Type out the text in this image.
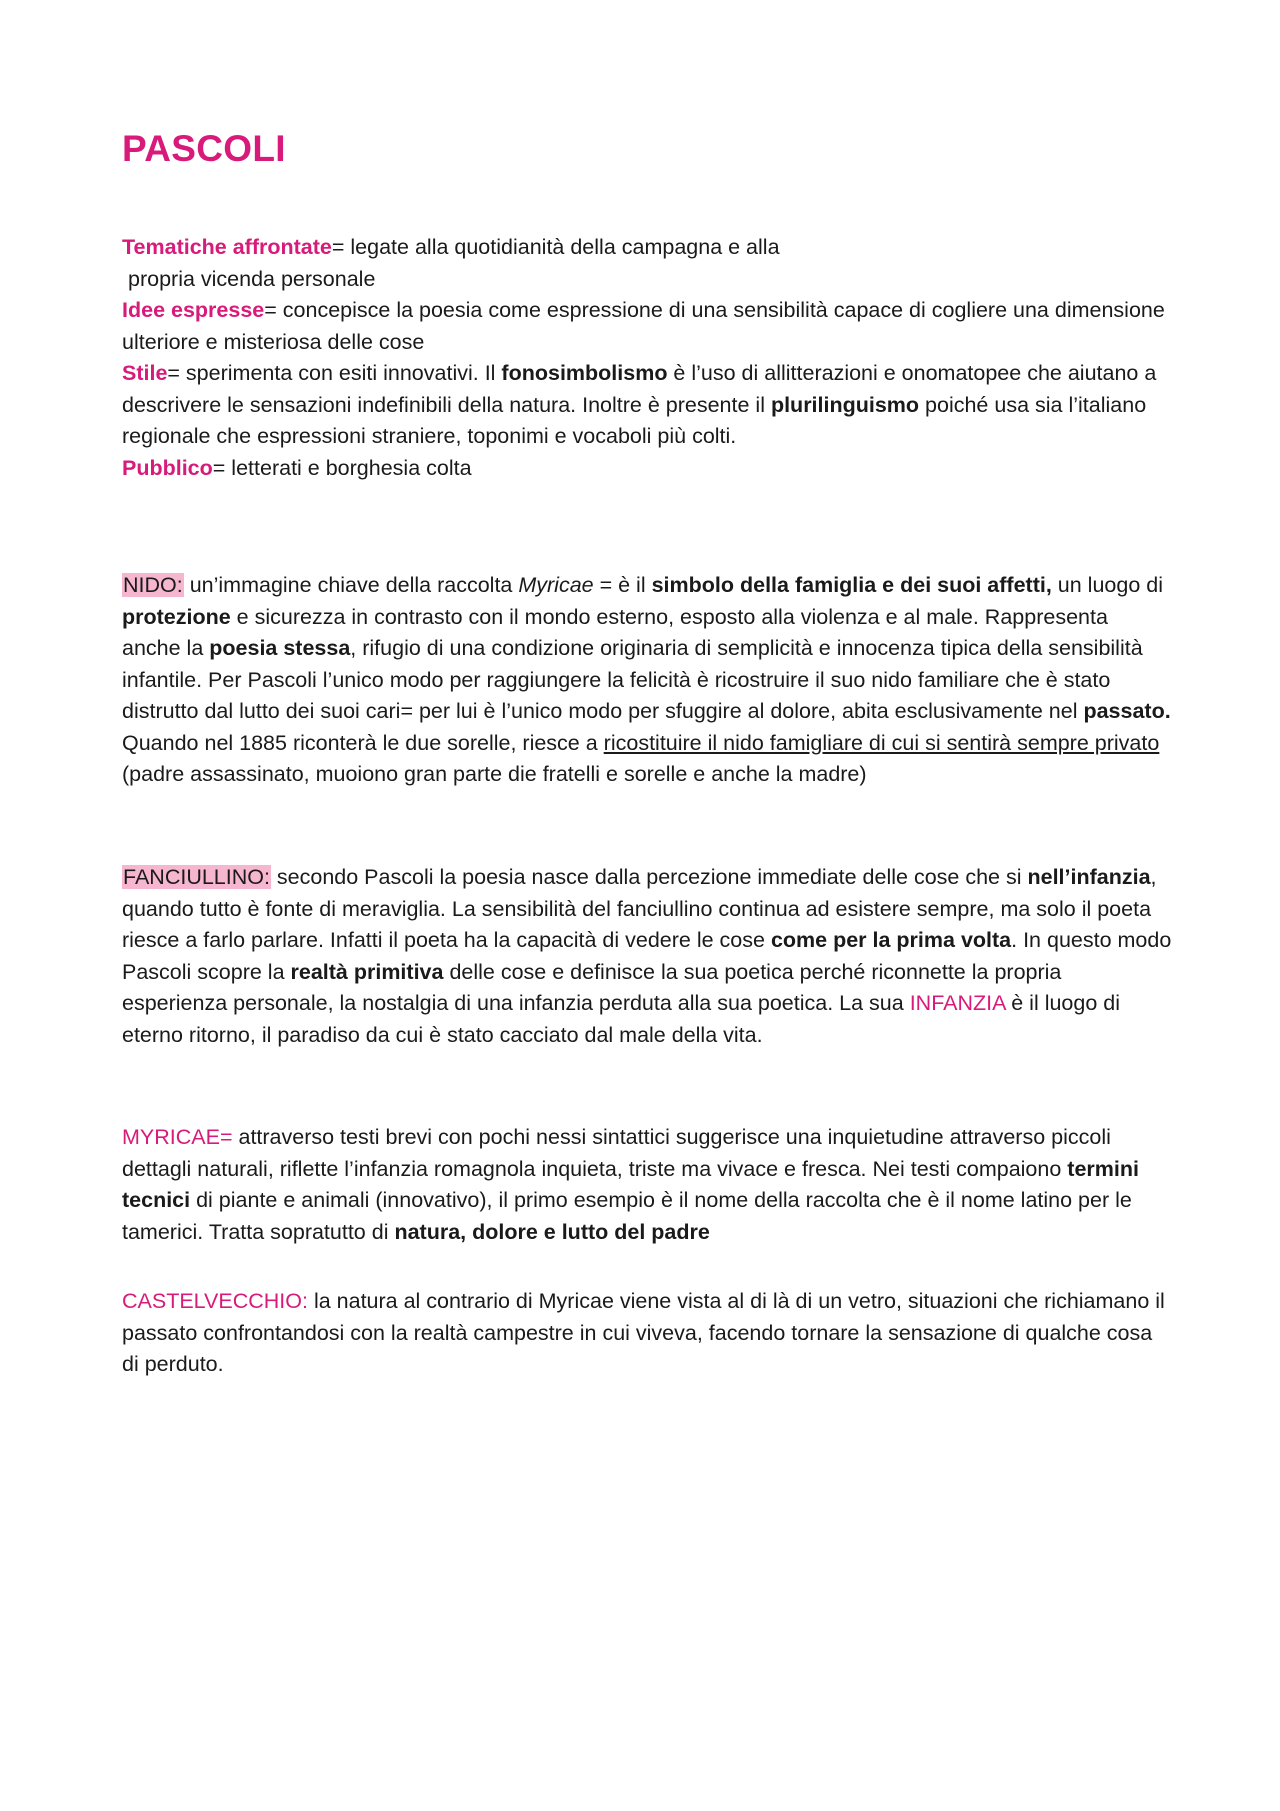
PASCOLI

Tematiche affrontate= legate alla quotidianità della campagna e alla

propria vicenda personale

Idee espresse= concepisce la poesia come espressione di una sensibilità capace di cogliere una dimensione ulteriore e misteriosa delle cose

Stile= sperimenta con esiti innovativi. Il fonosimbolismo è l’uso di allitterazioni e onomatopee che aiutano a descrivere le sensazioni indefinibili della natura. Inoltre è presente il plurilinguismo poiché usa sia l’italiano regionale che espressioni straniere, toponimi e vocaboli più colti.

Pubblico= letterati e borghesia colta

NIDO: un’immagine chiave della raccolta Myricae = è il simbolo della famiglia e dei suoi affetti, un luogo di protezione e sicurezza in contrasto con il mondo esterno, esposto alla violenza e al male. Rappresenta anche la poesia stessa, rifugio di una condizione originaria di semplicità e innocenza tipica della sensibilità infantile. Per Pascoli l’unico modo per raggiungere la felicità è ricostruire il suo nido familiare che è stato distrutto dal lutto dei suoi cari= per lui è l’unico modo per sfuggire al dolore, abita esclusivamente nel passato. Quando nel 1885 riconterà le due sorelle, riesce a ricostituire il nido famigliare di cui si sentirà sempre privato (padre assassinato, muoiono gran parte die fratelli e sorelle e anche la madre)

FANCIULLINO: secondo Pascoli la poesia nasce dalla percezione immediate delle cose che si nell’infanzia, quando tutto è fonte di meraviglia. La sensibilità del fanciullino continua ad esistere sempre, ma solo il poeta riesce a farlo parlare. Infatti il poeta ha la capacità di vedere le cose come per la prima volta. In questo modo Pascoli scopre la realtà primitiva delle cose e definisce la sua poetica perché riconnette la propria esperienza personale, la nostalgia di una infanzia perduta alla sua poetica. La sua INFANZIA è il luogo di eterno ritorno, il paradiso da cui è stato cacciato dal male della vita.

MYRICAE= attraverso testi brevi con pochi nessi sintattici suggerisce una inquietudine attraverso piccoli dettagli naturali, riflette l’infanzia romagnola inquieta, triste ma vivace e fresca. Nei testi compaiono termini tecnici di piante e animali (innovativo), il primo esempio è il nome della raccolta che è il nome latino per le tamerici. Tratta sopratutto di natura, dolore e lutto del padre

CASTELVECCHIO: la natura al contrario di Myricae viene vista al di là di un vetro, situazioni che richiamano il passato confrontandosi con la realtà campestre in cui viveva, facendo tornare la sensazione di qualche cosa di perduto.
